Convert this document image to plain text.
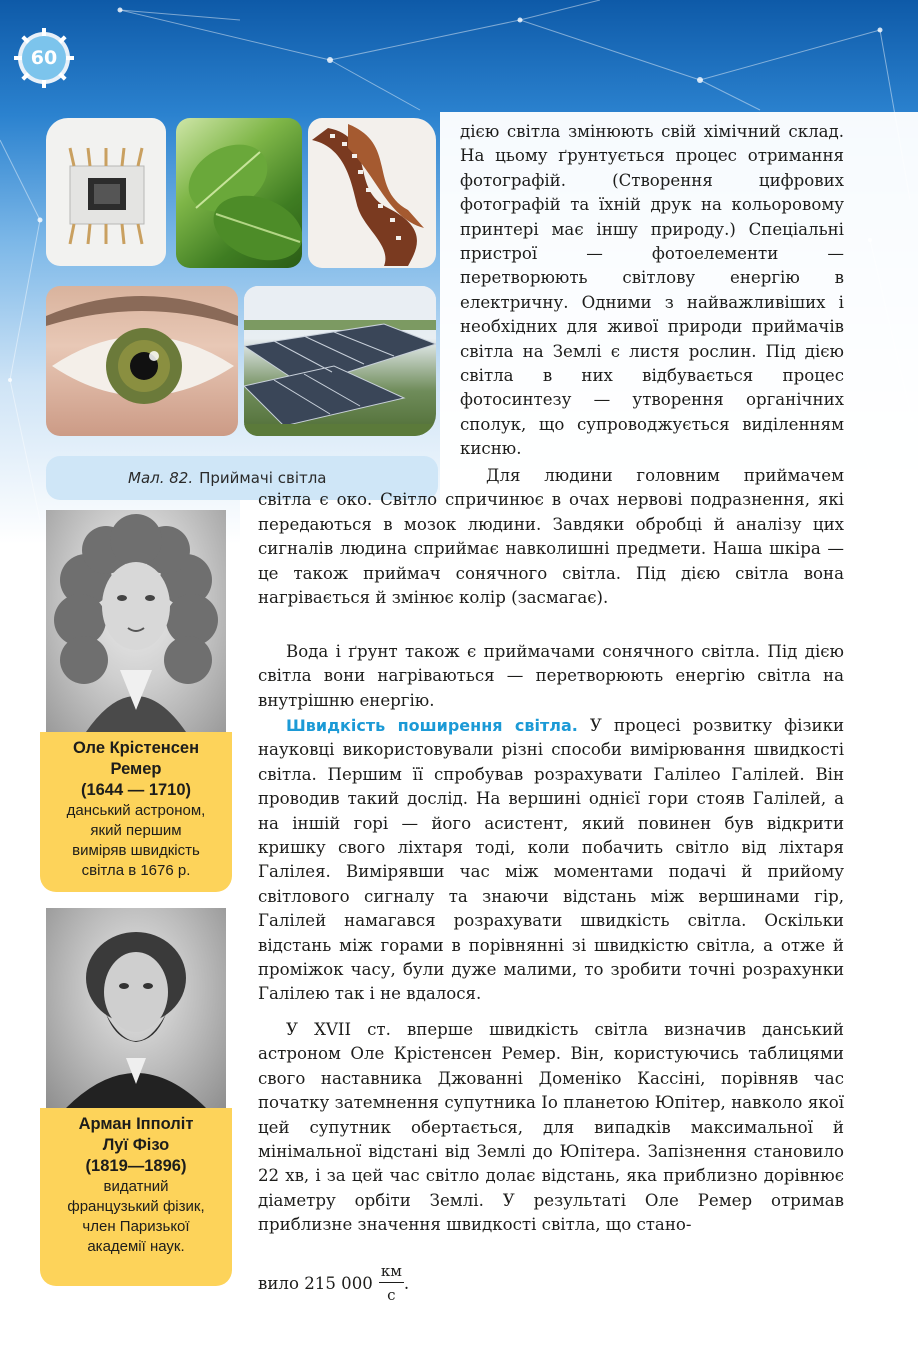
60
Мал. 82. Приймачі світла
Оле Крістенсен
Ремер
(1644 — 1710)
данський астроном,
який першим
виміряв швидкість
світла в 1676 р.
Арман Іпполіт
Луї Фізо
(1819—1896)
видатний
французький фізик,
член Паризької
академії наук.

дією світла змінюють свій хімічний склад. На цьому ґрунтується процес отримання фотографій. (Створення цифрових фотографій та їхній друк на кольоровому принтері має іншу природу.) Спеціальні пристрої — фотоелементи — перетворюють світлову енергію в електричну. Одними з найважливіших і необхідних для живої природи приймачів світла на Землі є листя рослин. Під дією світла в них відбувається процес фотосинтезу — утворення органічних сполук, що супроводжується виділенням кисню.

Для людини головним приймачем світла є око. Світло спричинює в очах нервові подразнення, які передаються в мозок людини. Завдяки обробці й аналізу цих сигналів людина сприймає навколишні предмети. Наша шкіра — це також приймач сонячного світла. Під дією світла вона нагрівається й змінює колір (засмагає).

Вода і ґрунт також є приймачами сонячного світла. Під дією світла вони нагріваються — перетворюють енергію світла на внутрішню енергію.

Швидкість поширення світла. У процесі розвитку фізики науковці використовували різні способи вимірювання швидкості світла. Першим її спробував розрахувати Галілео Галілей. Він проводив такий дослід. На вершині однієї гори стояв Галілей, а на іншій горі — його асистент, який повинен був відкрити кришку свого ліхтаря тоді, коли побачить світло від ліхтаря Галілея. Вимірявши час між моментами подачі й прийому світлового сигналу та знаючи відстань між вершинами гір, Галілей намагався розрахувати швидкість світла. Оскільки відстань між горами в порівнянні зі швидкістю світла, а отже й проміжок часу, були дуже малими, то зробити точні розрахунки Галілею так і не вдалося.

У XVII ст. вперше швидкість світла визначив данський астроном Оле Крістенсен Ремер. Він, користуючись таблицями свого наставника Джованні Доменіко Кассіні, порівняв час початку затемнення супутника Іо планетою Юпітер, навколо якої цей супутник обертається, для випадків максимальної й мінімальної відстані від Землі до Юпітера. Запізнення становило 22 хв, і за цей час світло долає відстань, яка приблизно дорівнює діаметру орбіти Землі. У результаті Оле Ремер отримав приблизне значення швидкості світла, що стано-

вило 215 $000 \frac{км}{с}$ .
